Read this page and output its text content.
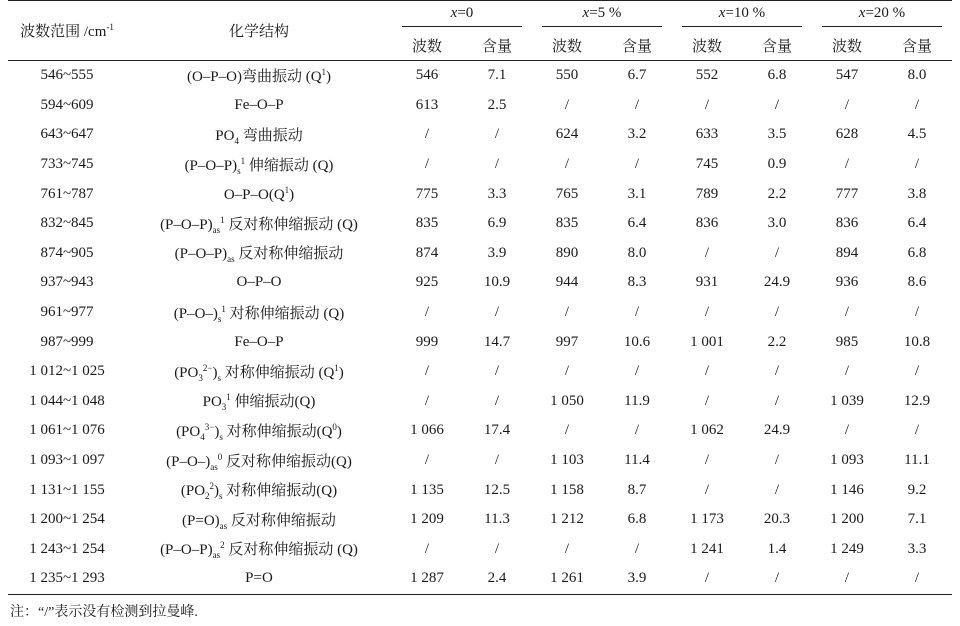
波数范围 $/cm^{-1}$	化学结构	x=0		x=5 %		x=10 %		x=20 %	
		波数	含量	波数	含量	波数	含量	波数	含量
546~555	(O–P–O)弯曲振动 $(Q^1)$	546	7.1	550	6.7	552	6.8	547	8.0
594~609	Fe–O–P	613	2.5	/	/	/	/	/	/
643~647	$PO_4$ 弯曲振动	/	/	624	3.2	633	3.5	628	4.5
733~745	$(P-O-P)_s^1$ 伸缩振动 (Q)	/	/	/	/	745	0.9	/	/
761~787	$O-P-O(Q^1)$	775	3.3	765	3.1	789	2.2	777	3.8
832~845	$(P-O-P)_{as}^1$ 反对称伸缩振动 (Q)	835	6.9	835	6.4	836	3.0	836	6.4
874~905	$(P-O-P)_{as}$ 反对称伸缩振动	874	3.9	890	8.0	/	/	894	6.8
937~943	O–P–O	925	10.9	944	8.3	931	24.9	936	8.6
961~977	$(P-O-)_s^1$ 对称伸缩振动 (Q)	/	/	/	/	/	/	/	/
987~999	Fe–O–P	999	14.7	997	10.6	1 001	2.2	985	10.8
1 012~1 025	$(PO_3^{2-})_s$ 对称伸缩振动 $(Q^1)$	/	/	/	/	/	/	/	/
1 044~1 048	$PO_3^1$ 伸缩振动(Q)	/	/	1 050	11.9	/	/	1 039	12.9
1 061~1 076	$(PO_4^{3-})_s$ 对称伸缩振动$(Q^0)$	1 066	17.4	/	/	1 062	24.9	/	/
1 093~1 097	$(P-O-)_{as}^0$ 反对称伸缩振动(Q)	/	/	1 103	11.4	/	/	1 093	11.1
1 131~1 155	$(PO_2^2)_s$ 对称伸缩振动(Q)	1 135	12.5	1 158	8.7	/	/	1 146	9.2
1 200~1 254	$(P=O)_{as}$ 反对称伸缩振动	1 209	11.3	1 212	6.8	1 173	20.3	1 200	7.1
1 243~1 254	$(P-O-P)_{as}^2$ 反对称伸缩振动 (Q)	/	/	/	/	1 241	1.4	1 249	3.3
1 235~1 293	P=O	1 287	2.4	1 261	3.9	/	/	/	/
注：“/”表示没有检测到拉曼峰.
